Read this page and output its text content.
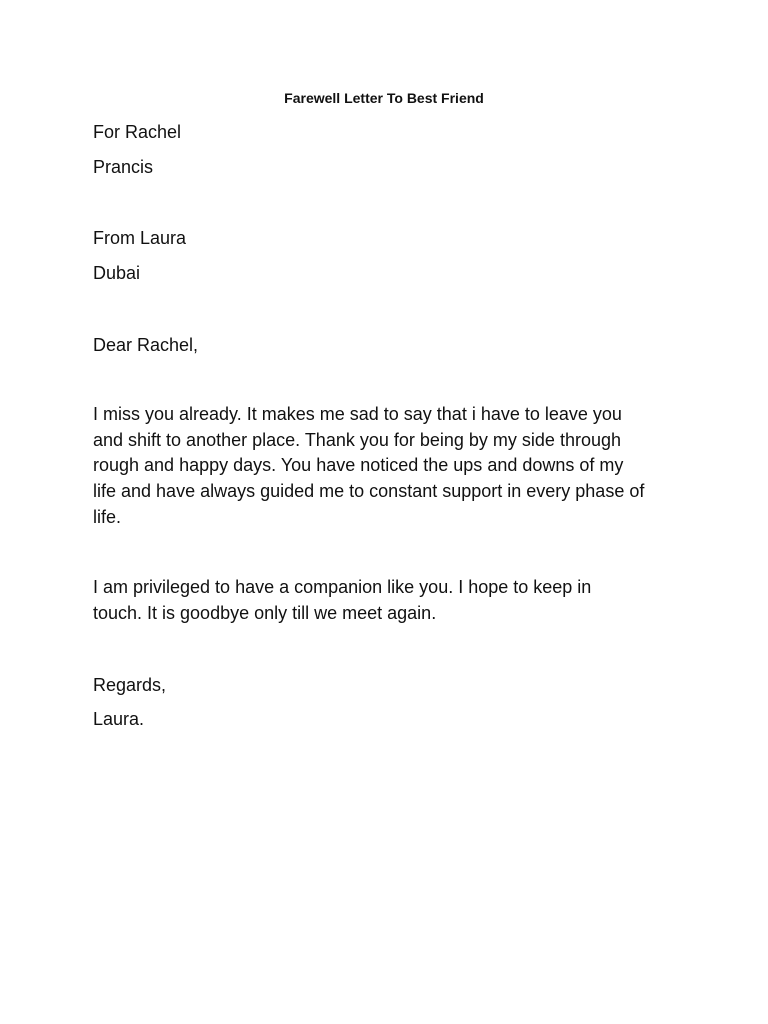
Farewell Letter To Best Friend

For Rachel

Prancis

From Laura

Dubai

Dear Rachel,

I miss you already. It makes me sad to say that i have to leave you
and shift to another place. Thank you for being by my side through
rough and happy days. You have noticed the ups and downs of my
life and have always guided me to constant support in every phase of
life.
I am privileged to have a companion like you. I hope to keep in
touch. It is goodbye only till we meet again.

Regards,

Laura.
